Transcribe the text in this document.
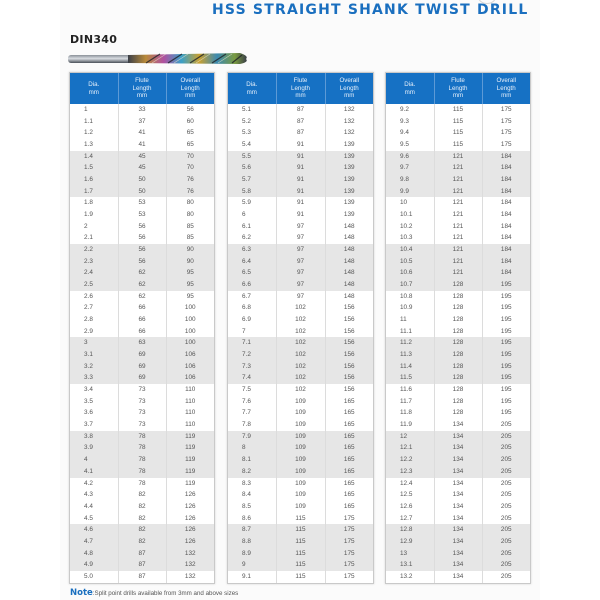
HSS STRAIGHT SHANK TWIST DRILL
DIN340
Dia.
mm

Flute
Length
mm

Overall
Length
mm

1	33	56
1.1	37	60
1.2	41	65
1.3	41	65
1.4	45	70
1.5	45	70
1.6	50	76
1.7	50	76
1.8	53	80
1.9	53	80
2	56	85
2.1	56	85
2.2	56	90
2.3	56	90
2.4	62	95
2.5	62	95
2.6	62	95
2.7	66	100
2.8	66	100
2.9	66	100
3	63	100
3.1	69	106
3.2	69	106
3.3	69	106
3.4	73	110
3.5	73	110
3.6	73	110
3.7	73	110
3.8	78	119
3.9	78	119
4	78	119
4.1	78	119
4.2	78	119
4.3	82	126
4.4	82	126
4.5	82	126
4.6	82	126
4.7	82	126
4.8	87	132
4.9	87	132
5.0	87	132
Dia.
mm

Flute
Length
mm

Overall
Length
mm

5.1	87	132
5.2	87	132
5.3	87	132
5.4	91	139
5.5	91	139
5.6	91	139
5.7	91	139
5.8	91	139
5.9	91	139
6	91	139
6.1	97	148
6.2	97	148
6.3	97	148
6.4	97	148
6.5	97	148
6.6	97	148
6.7	97	148
6.8	102	156
6.9	102	156
7	102	156
7.1	102	156
7.2	102	156
7.3	102	156
7.4	102	156
7.5	102	156
7.6	109	165
7.7	109	165
7.8	109	165
7.9	109	165
8	109	165
8.1	109	165
8.2	109	165
8.3	109	165
8.4	109	165
8.5	109	165
8.6	115	175
8.7	115	175
8.8	115	175
8.9	115	175
9	115	175
9.1	115	175
Dia.
mm

Flute
Length
mm

Overall
Length
mm

9.2	115	175
9.3	115	175
9.4	115	175
9.5	115	175
9.6	121	184
9.7	121	184
9.8	121	184
9.9	121	184
10	121	184
10.1	121	184
10.2	121	184
10.3	121	184
10.4	121	184
10.5	121	184
10.6	121	184
10.7	128	195
10.8	128	195
10.9	128	195
11	128	195
11.1	128	195
11.2	128	195
11.3	128	195
11.4	128	195
11.5	128	195
11.6	128	195
11.7	128	195
11.8	128	195
11.9	134	205
12	134	205
12.1	134	205
12.2	134	205
12.3	134	205
12.4	134	205
12.5	134	205
12.6	134	205
12.7	134	205
12.8	134	205
12.9	134	205
13	134	205
13.1	134	205
13.2	134	205
Note:Split point drills available from 3mm and above sizes
